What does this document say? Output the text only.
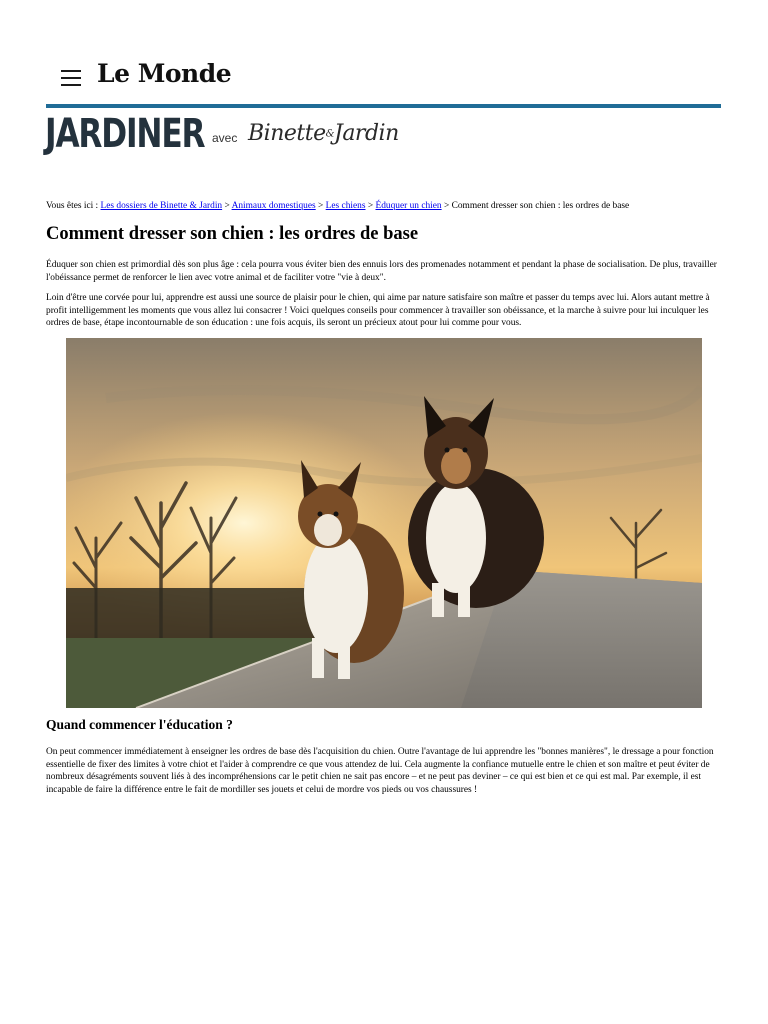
Le Monde
JARDINER avec Binette&Jardin
Vous êtes ici : Les dossiers de Binette & Jardin > Animaux domestiques > Les chiens > Éduquer un chien > Comment dresser son chien : les ordres de base
Comment dresser son chien : les ordres de base

Éduquer son chien est primordial dès son plus âge : cela pourra vous éviter bien des ennuis lors des promenades notamment et pendant la phase de socialisation. De plus, travailler l'obéissance permet de renforcer le lien avec votre animal et de faciliter votre "vie à deux".

Loin d'être une corvée pour lui, apprendre est aussi une source de plaisir pour le chien, qui aime par nature satisfaire son maître et passer du temps avec lui. Alors autant mettre à profit intelligemment les moments que vous allez lui consacrer ! Voici quelques conseils pour commencer à travailler son obéissance, et la marche à suivre pour lui inculquer les ordres de base, étape incontournable de son éducation : une fois acquis, ils seront un précieux atout pour lui comme pour vous.

Quand commencer l'éducation ?

On peut commencer immédiatement à enseigner les ordres de base dès l'acquisition du chien. Outre l'avantage de lui apprendre les "bonnes manières", le dressage a pour fonction essentielle de fixer des limites à votre chiot et l'aider à comprendre ce que vous attendez de lui. Cela augmente la confiance mutuelle entre le chien et son maître et peut éviter de nombreux désagréments souvent liés à des incompréhensions car le petit chien ne sait pas encore – et ne peut pas deviner – ce qui est bien et ce qui est mal. Par exemple, il est incapable de faire la différence entre le fait de mordiller ses jouets et celui de mordre vos pieds ou vos chaussures !
